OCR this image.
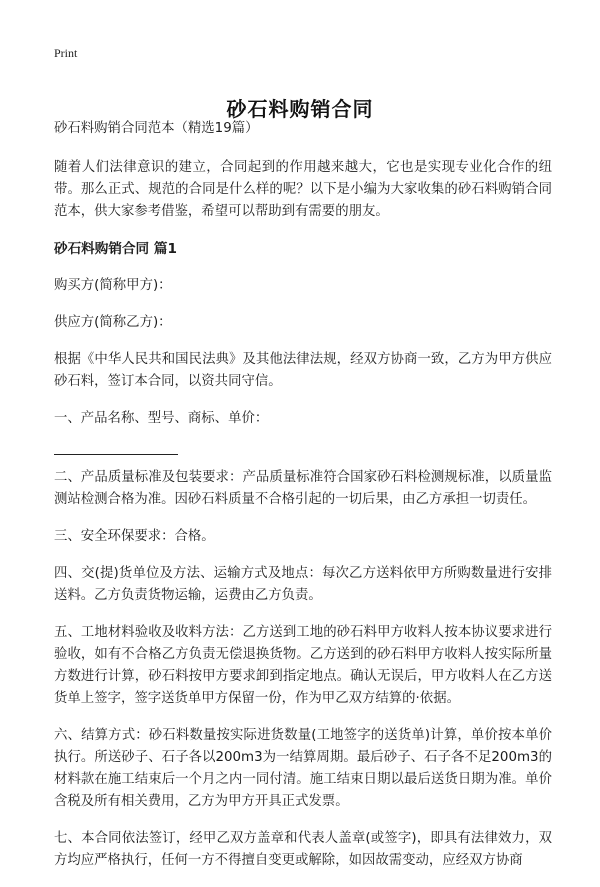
Print
砂石料购销合同

砂石料购销合同范本（精选19篇）

随着人们法律意识的建立，合同起到的作用越来越大，它也是实现专业化合作的纽带。那么正式、规范的合同是什么样的呢？以下是小编为大家收集的砂石料购销合同范本，供大家参考借鉴，希望可以帮助到有需要的朋友。

砂石料购销合同 篇1

购买方(简称甲方)：

供应方(简称乙方)：

根据《中华人民共和国民法典》及其他法律法规，经双方协商一致，乙方为甲方供应砂石料，签订本合同，以资共同守信。

一、产品名称、型号、商标、单价：

二、产品质量标准及包装要求：产品质量标准符合国家砂石料检测规标准，以质量监测站检测合格为准。因砂石料质量不合格引起的一切后果，由乙方承担一切责任。

三、安全环保要求：合格。

四、交(提)货单位及方法、运输方式及地点：每次乙方送料依甲方所购数量进行安排送料。乙方负责货物运输，运费由乙方负责。

五、工地材料验收及收料方法：乙方送到工地的砂石料甲方收料人按本协议要求进行验收，如有不合格乙方负责无偿退换货物。乙方送到的砂石料甲方收料人按实际所量方数进行计算，砂石料按甲方要求卸到指定地点。确认无误后，甲方收料人在乙方送货单上签字，签字送货单甲方保留一份，作为甲乙双方结算的·依据。

六、结算方式：砂石料数量按实际进货数量(工地签字的送货单)计算，单价按本单价执行。所送砂子、石子各以200m3为一结算周期。最后砂子、石子各不足200m3的材料款在施工结束后一个月之内一同付清。施工结束日期以最后送货日期为准。单价含税及所有相关费用，乙方为甲方开具正式发票。

七、本合同依法签订，经甲乙双方盖章和代表人盖章(或签字)，即具有法律效力，双方均应严格执行，任何一方不得擅自变更或解除，如因故需变动，应经双方协商
